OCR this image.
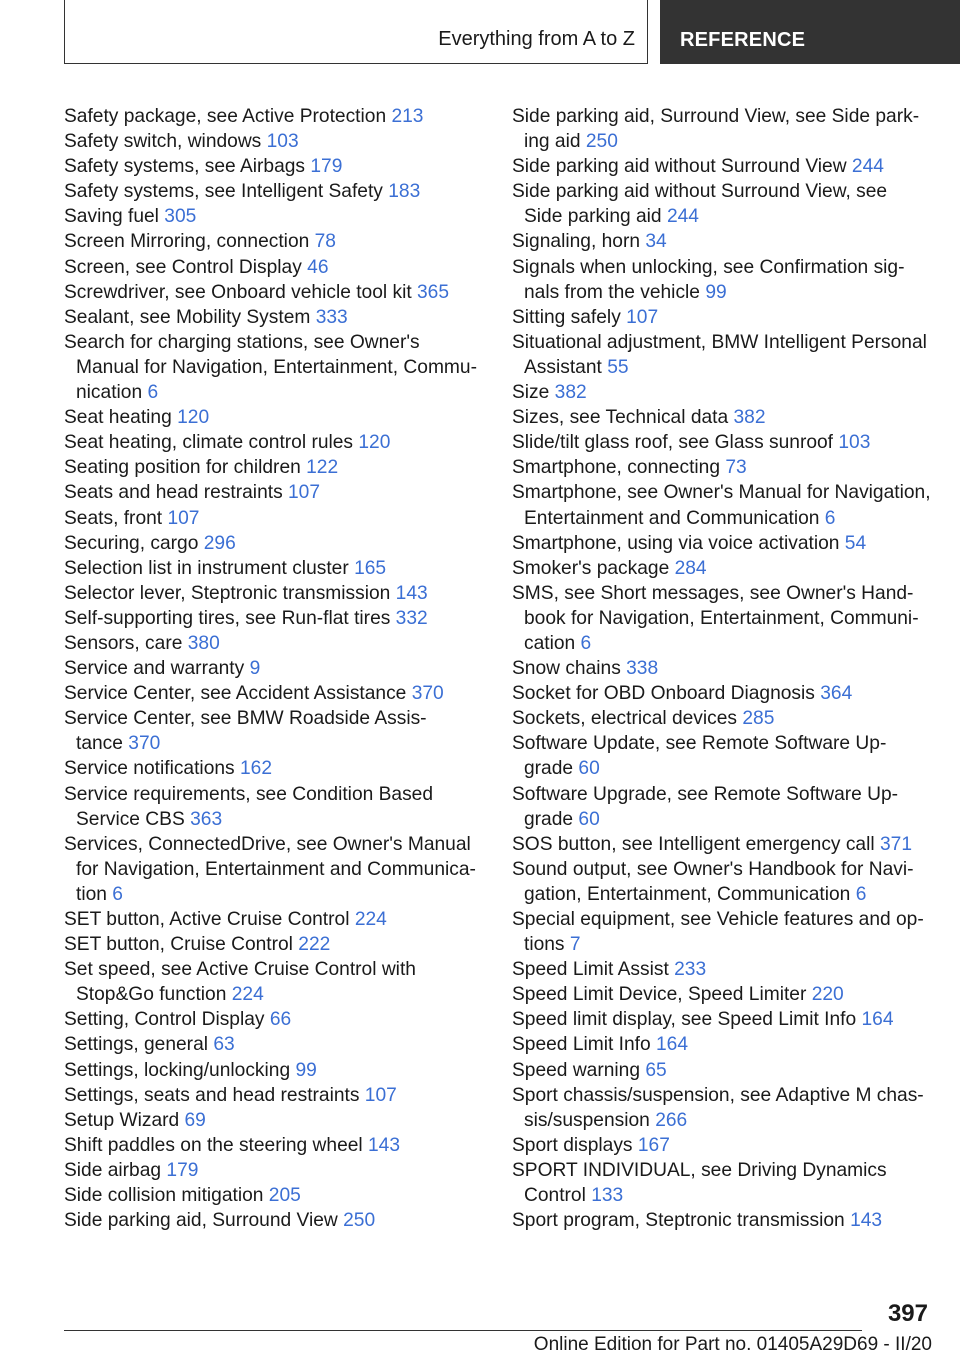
Everything from A to Z REFERENCE
Safety package, see Active Protection 213
Safety switch, windows 103
Safety systems, see Airbags 179
Safety systems, see Intelligent Safety 183
Saving fuel 305
Screen Mirroring, connection 78
Screen, see Control Display 46
Screwdriver, see Onboard vehicle tool kit 365
Sealant, see Mobility System 333
Search for charging stations, see Owner's
Manual for Navigation, Entertainment, Commu-
nication 6
Seat heating 120
Seat heating, climate control rules 120
Seating position for children 122
Seats and head restraints 107
Seats, front 107
Securing, cargo 296
Selection list in instrument cluster 165
Selector lever, Steptronic transmission 143
Self-supporting tires, see Run-flat tires 332
Sensors, care 380
Service and warranty 9
Service Center, see Accident Assistance 370
Service Center, see BMW Roadside Assis-
tance 370
Service notifications 162
Service requirements, see Condition Based
Service CBS 363
Services, ConnectedDrive, see Owner's Manual
for Navigation, Entertainment and Communica-
tion 6
SET button, Active Cruise Control 224
SET button, Cruise Control 222
Set speed, see Active Cruise Control with
Stop&Go function 224
Setting, Control Display 66
Settings, general 63
Settings, locking/unlocking 99
Settings, seats and head restraints 107
Setup Wizard 69
Shift paddles on the steering wheel 143
Side airbag 179
Side collision mitigation 205
Side parking aid, Surround View 250
Side parking aid, Surround View, see Side park-
ing aid 250
Side parking aid without Surround View 244
Side parking aid without Surround View, see
Side parking aid 244
Signaling, horn 34
Signals when unlocking, see Confirmation sig-
nals from the vehicle 99
Sitting safely 107
Situational adjustment, BMW Intelligent Personal
Assistant 55
Size 382
Sizes, see Technical data 382
Slide/tilt glass roof, see Glass sunroof 103
Smartphone, connecting 73
Smartphone, see Owner's Manual for Navigation,
Entertainment and Communication 6
Smartphone, using via voice activation 54
Smoker's package 284
SMS, see Short messages, see Owner's Hand-
book for Navigation, Entertainment, Communi-
cation 6
Snow chains 338
Socket for OBD Onboard Diagnosis 364
Sockets, electrical devices 285
Software Update, see Remote Software Up-
grade 60
Software Upgrade, see Remote Software Up-
grade 60
SOS button, see Intelligent emergency call 371
Sound output, see Owner's Handbook for Navi-
gation, Entertainment, Communication 6
Special equipment, see Vehicle features and op-
tions 7
Speed Limit Assist 233
Speed Limit Device, Speed Limiter 220
Speed limit display, see Speed Limit Info 164
Speed Limit Info 164
Speed warning 65
Sport chassis/suspension, see Adaptive M chas-
sis/suspension 266
Sport displays 167
SPORT INDIVIDUAL, see Driving Dynamics
Control 133
Sport program, Steptronic transmission 143
397
Online Edition for Part no. 01405A29D69 - II/20
